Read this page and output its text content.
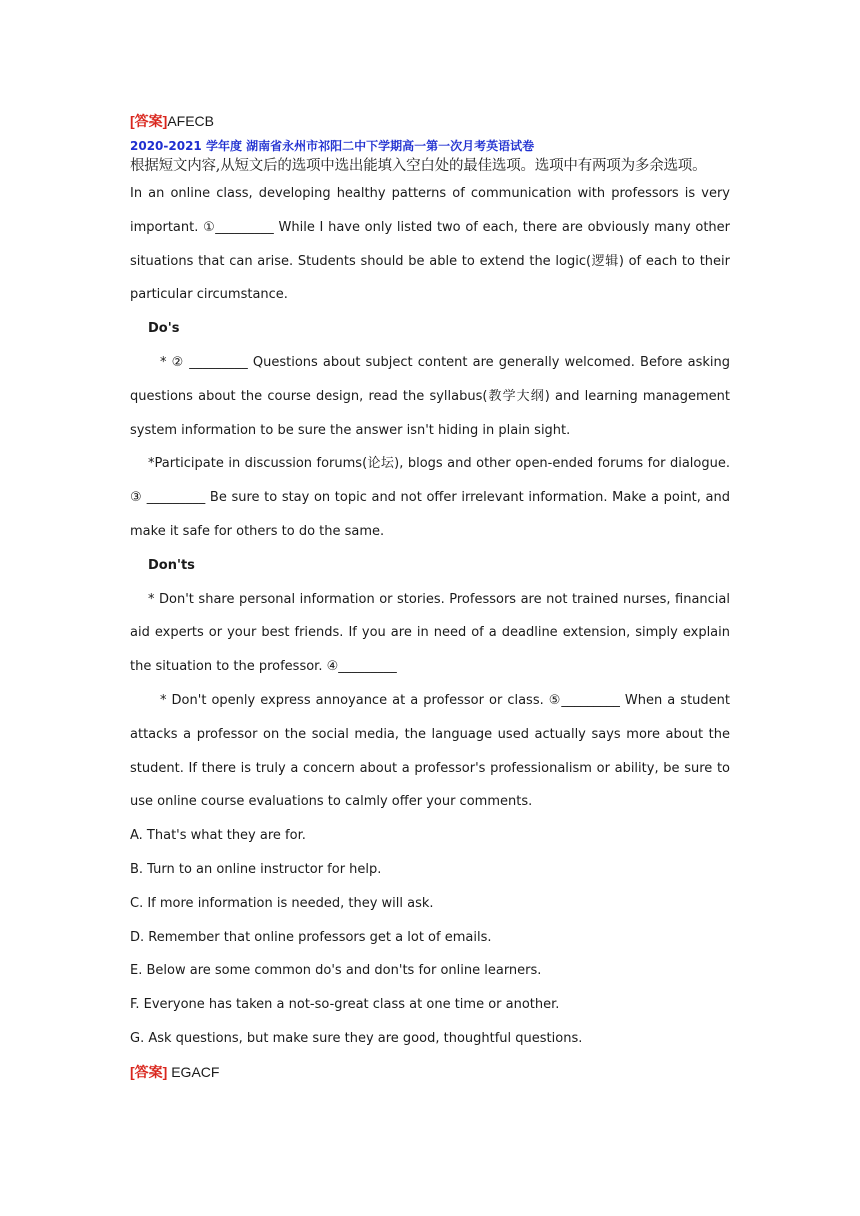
[答案]AFECB

2020-2021 学年度 湖南省永州市祁阳二中下学期高一第一次月考英语试卷

根据短文内容,从短文后的选项中选出能填入空白处的最佳选项。选项中有两项为多余选项。

In an online class, developing healthy patterns of communication with professors is very important. ①_________ While I have only listed two of each, there are obviously many other situations that can arise. Students should be able to extend the logic(逻辑) of each to their particular circumstance.

Do's

* ② _________ Questions about subject content are generally welcomed. Before asking questions about the course design, read the syllabus(教学大纲) and learning management system information to be sure the answer isn't hiding in plain sight.

*Participate in discussion forums(论坛), blogs and other open-ended forums for dialogue. ③ _________ Be sure to stay on topic and not offer irrelevant information. Make a point, and make it safe for others to do the same.

Don'ts

* Don't share personal information or stories. Professors are not trained nurses, financial aid experts or your best friends. If you are in need of a deadline extension, simply explain the situation to the professor. ④_________

* Don't openly express annoyance at a professor or class. ⑤_________ When a student attacks a professor on the social media, the language used actually says more about the student. If there is truly a concern about a professor's professionalism or ability, be sure to use online course evaluations to calmly offer your comments.

A. That's what they are for.

B. Turn to an online instructor for help.

C. If more information is needed, they will ask.

D. Remember that online professors get a lot of emails.

E. Below are some common do's and don'ts for online learners.

F. Everyone has taken a not-so-great class at one time or another.

G. Ask questions, but make sure they are good, thoughtful questions.

[答案] EGACF
